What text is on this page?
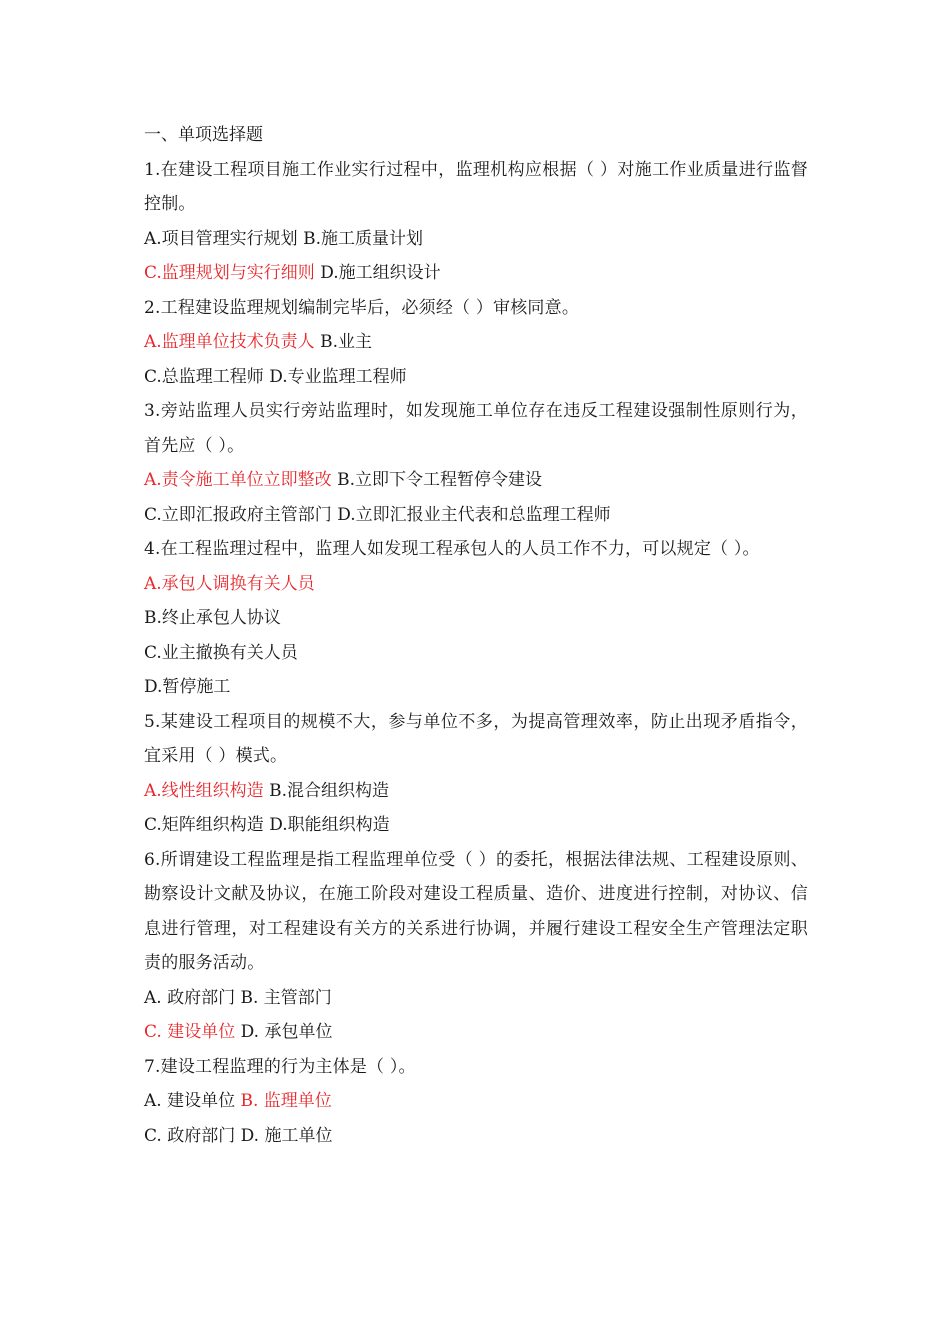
一、单项选择题

1.在建设工程项目施工作业实行过程中，监理机构应根据（ ）对施工作业质量进行监督控制。

A.项目管理实行规划 B.施工质量计划

C.监理规划与实行细则 D.施工组织设计

2.工程建设监理规划编制完毕后，必须经（ ）审核同意。

A.监理单位技术负责人 B.业主

C.总监理工程师 D.专业监理工程师

3.旁站监理人员实行旁站监理时，如发现施工单位存在违反工程建设强制性原则行为，首先应（ ）。

A.责令施工单位立即整改 B.立即下令工程暂停令建设

C.立即汇报政府主管部门 D.立即汇报业主代表和总监理工程师

4.在工程监理过程中，监理人如发现工程承包人的人员工作不力，可以规定（ ）。

A.承包人调换有关人员

B.终止承包人协议

C.业主撤换有关人员

D.暂停施工

5.某建设工程项目的规模不大，参与单位不多，为提高管理效率，防止出现矛盾指令，宜采用（ ）模式。

A.线性组织构造 B.混合组织构造

C.矩阵组织构造 D.职能组织构造

6.所谓建设工程监理是指工程监理单位受（ ）的委托，根据法律法规、工程建设原则、勘察设计文献及协议，在施工阶段对建设工程质量、造价、进度进行控制，对协议、信息进行管理，对工程建设有关方的关系进行协调，并履行建设工程安全生产管理法定职责的服务活动。

A. 政府部门 B. 主管部门

C. 建设单位 D. 承包单位

7.建设工程监理的行为主体是（ ）。

A. 建设单位 B. 监理单位

C. 政府部门 D. 施工单位
